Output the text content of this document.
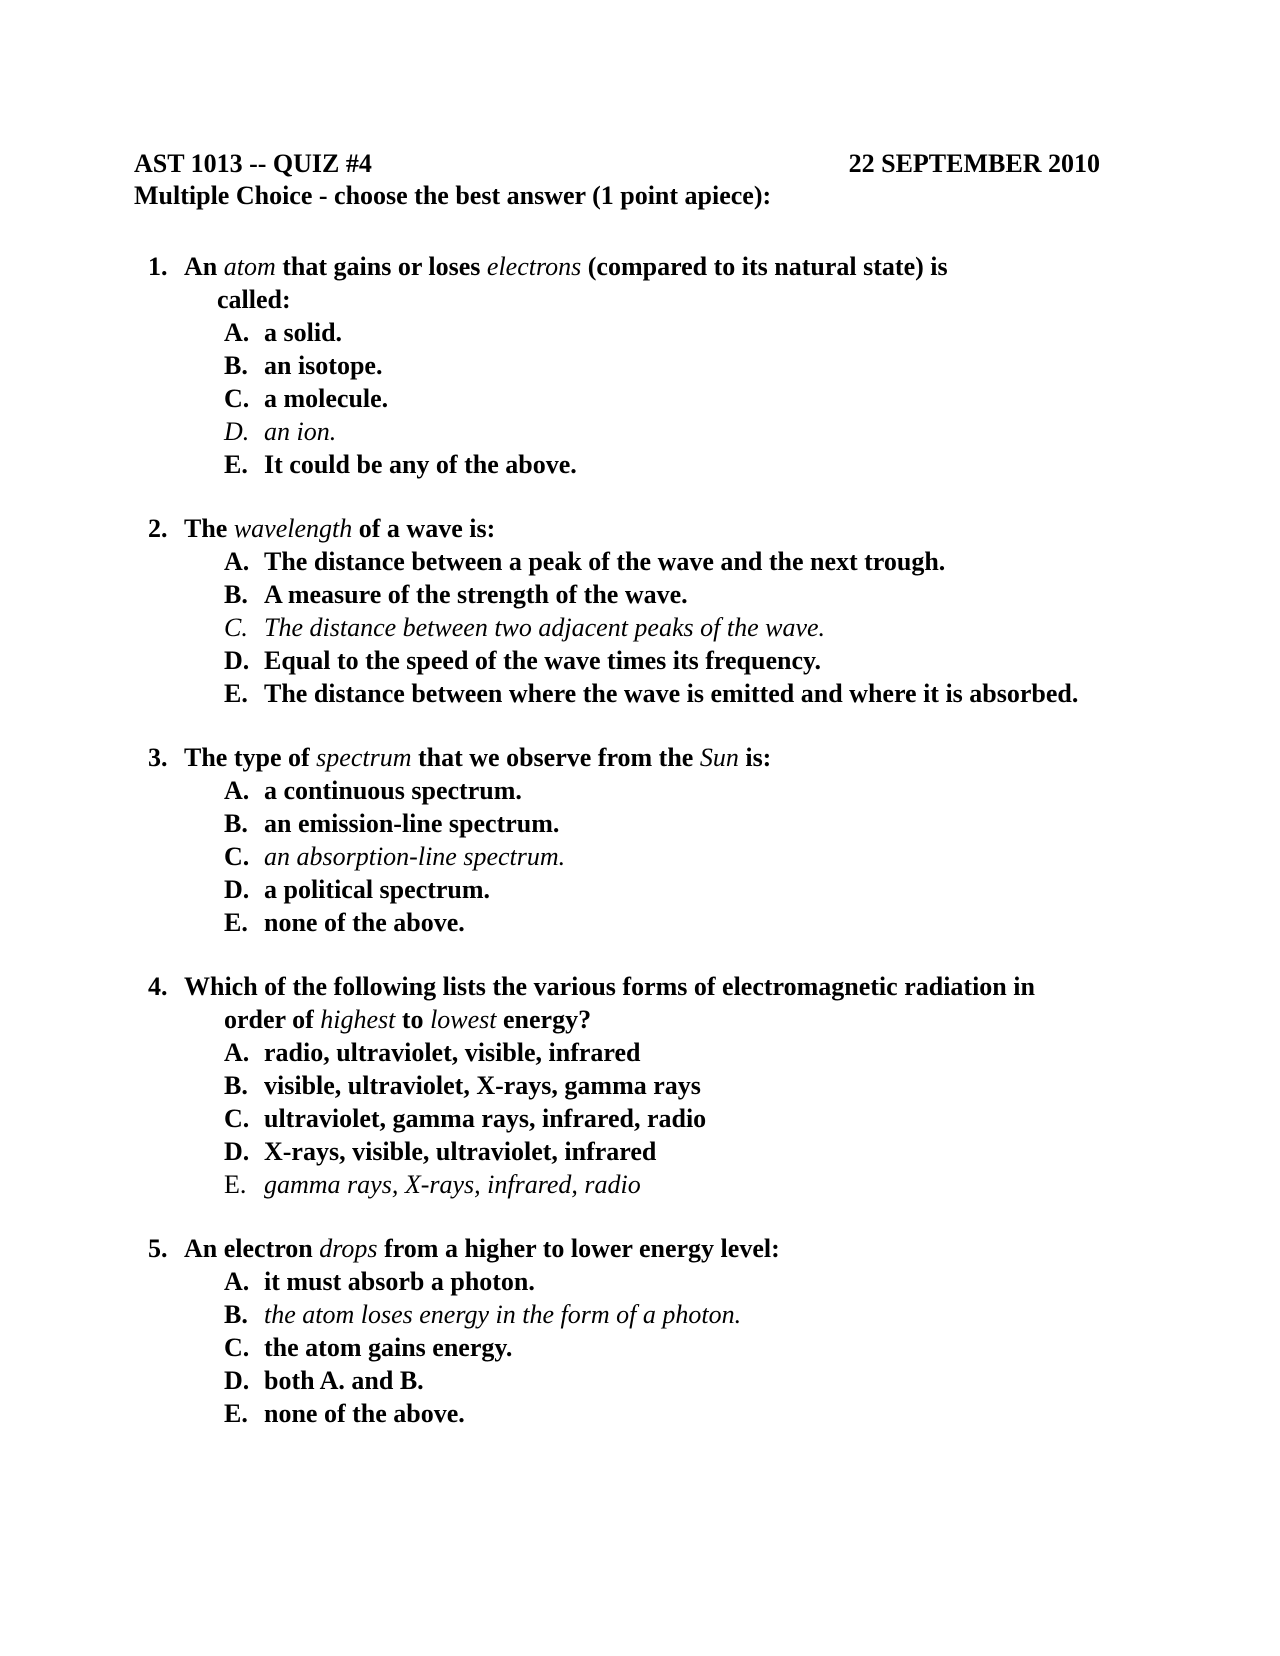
AST 1013 -- QUIZ #4	22 SEPTEMBER 2010
Multiple Choice - choose the best answer (1 point apiece):
1. An atom that gains or loses electrons (compared to its natural state) is
called:
A. a solid.
B. an isotope.
C. a molecule.
D. an ion.
E. It could be any of the above.
2. The wavelength of a wave is:
A. The distance between a peak of the wave and the next trough.
B. A measure of the strength of the wave.
C. The distance between two adjacent peaks of the wave.
D. Equal to the speed of the wave times its frequency.
E. The distance between where the wave is emitted and where it is absorbed.
3. The type of spectrum that we observe from the Sun is:
A. a continuous spectrum.
B. an emission-line spectrum.
C. an absorption-line spectrum.
D. a political spectrum.
E. none of the above.
4. Which of the following lists the various forms of electromagnetic radiation in
order of highest to lowest energy?
A. radio, ultraviolet, visible, infrared
B. visible, ultraviolet, X-rays, gamma rays
C. ultraviolet, gamma rays, infrared, radio
D. X-rays, visible, ultraviolet, infrared
E. gamma rays, X-rays, infrared, radio
5. An electron drops from a higher to lower energy level:
A. it must absorb a photon.
B. the atom loses energy in the form of a photon.
C. the atom gains energy.
D. both A. and B.
E. none of the above.
